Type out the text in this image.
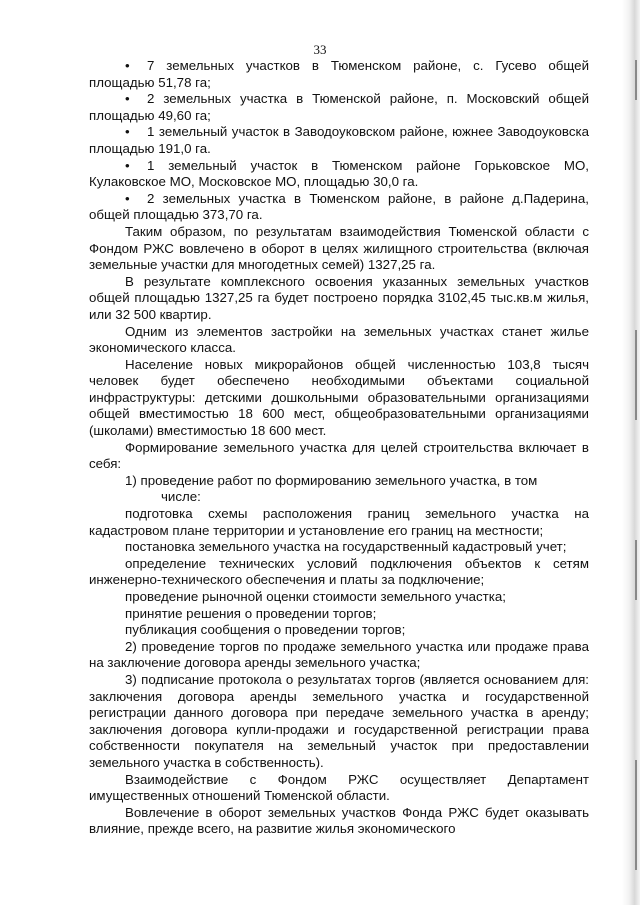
33

• 7 земельных участков в Тюменском районе, с. Гусево общей площадью 51,78 га;

• 2 земельных участка в Тюменской районе, п. Московский общей площадью 49,60 га;

• 1 земельный участок в Заводоуковском районе, южнее Заводоуковска площадью 191,0 га.

• 1 земельный участок в Тюменском районе Горьковское МО, Кулаковское МО, Московское МО, площадью 30,0 га.

• 2 земельных участка в Тюменском районе, в районе д.Падерина, общей площадью 373,70 га.

Таким образом, по результатам взаимодействия Тюменской области с Фондом РЖС вовлечено в оборот в целях жилищного строительства (включая земельные участки для многодетных семей) 1327,25 га.

В результате комплексного освоения указанных земельных участков общей площадью 1327,25 га будет построено порядка 3102,45 тыс.кв.м жилья, или 32 500 квартир.

Одним из элементов застройки на земельных участках станет жилье экономического класса.

Население новых микрорайонов общей численностью 103,8 тысяч человек будет обеспечено необходимыми объектами социальной инфраструктуры: детскими дошкольными образовательными организациями общей вместимостью 18 600 мест, общеобразовательными организациями (школами) вместимостью 18 600 мест.

Формирование земельного участка для целей строительства включает в себя:

1) проведение работ по формированию земельного участка, в том

числе:

подготовка схемы расположения границ земельного участка на кадастровом плане территории и установление его границ на местности;

постановка земельного участка на государственный кадастровый учет;

определение технических условий подключения объектов к сетям инженерно-технического обеспечения и платы за подключение;

проведение рыночной оценки стоимости земельного участка;

принятие решения о проведении торгов;

публикация сообщения о проведении торгов;

2) проведение торгов по продаже земельного участка или продаже права на заключение договора аренды земельного участка;

3) подписание протокола о результатах торгов (является основанием для: заключения договора аренды земельного участка и государственной регистрации данного договора при передаче земельного участка в аренду; заключения договора купли-продажи и государственной регистрации права собственности покупателя на земельный участок при предоставлении земельного участка в собственность).

Взаимодействие с Фондом РЖС осуществляет Департамент имущественных отношений Тюменской области.

Вовлечение в оборот земельных участков Фонда РЖС будет оказывать влияние, прежде всего, на развитие жилья экономического
